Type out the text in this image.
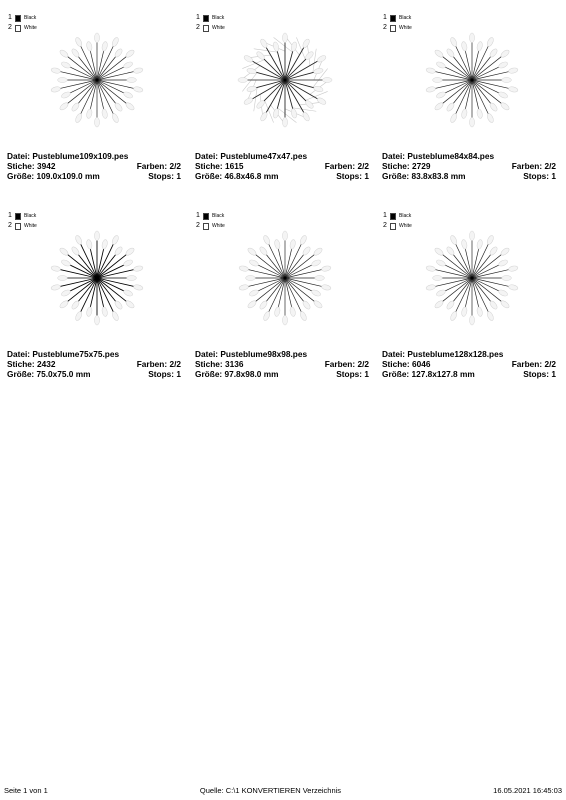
1 Black
2 White
Datei: Pusteblume109x109.pes
Stiche: 3942	Farben: 2/2
Größe: 109.0x109.0 mm	Stops: 1
1 Black
2 White
Datei: Pusteblume47x47.pes
Stiche: 1615	Farben: 2/2
Größe: 46.8x46.8 mm	Stops: 1
1 Black
2 White
Datei: Pusteblume84x84.pes
Stiche: 2729	Farben: 2/2
Größe: 83.8x83.8 mm	Stops: 1
1 Black
2 White
Datei: Pusteblume75x75.pes
Stiche: 2432	Farben: 2/2
Größe: 75.0x75.0 mm	Stops: 1
1 Black
2 White
Datei: Pusteblume98x98.pes
Stiche: 3136	Farben: 2/2
Größe: 97.8x98.0 mm	Stops: 1
1 Black
2 White
Datei: Pusteblume128x128.pes
Stiche: 6046	Farben: 2/2
Größe: 127.8x127.8 mm	Stops: 1
Seite 1 von 1	Quelle: C:\1 KONVERTIEREN Verzeichnis	16.05.2021 16:45:03
